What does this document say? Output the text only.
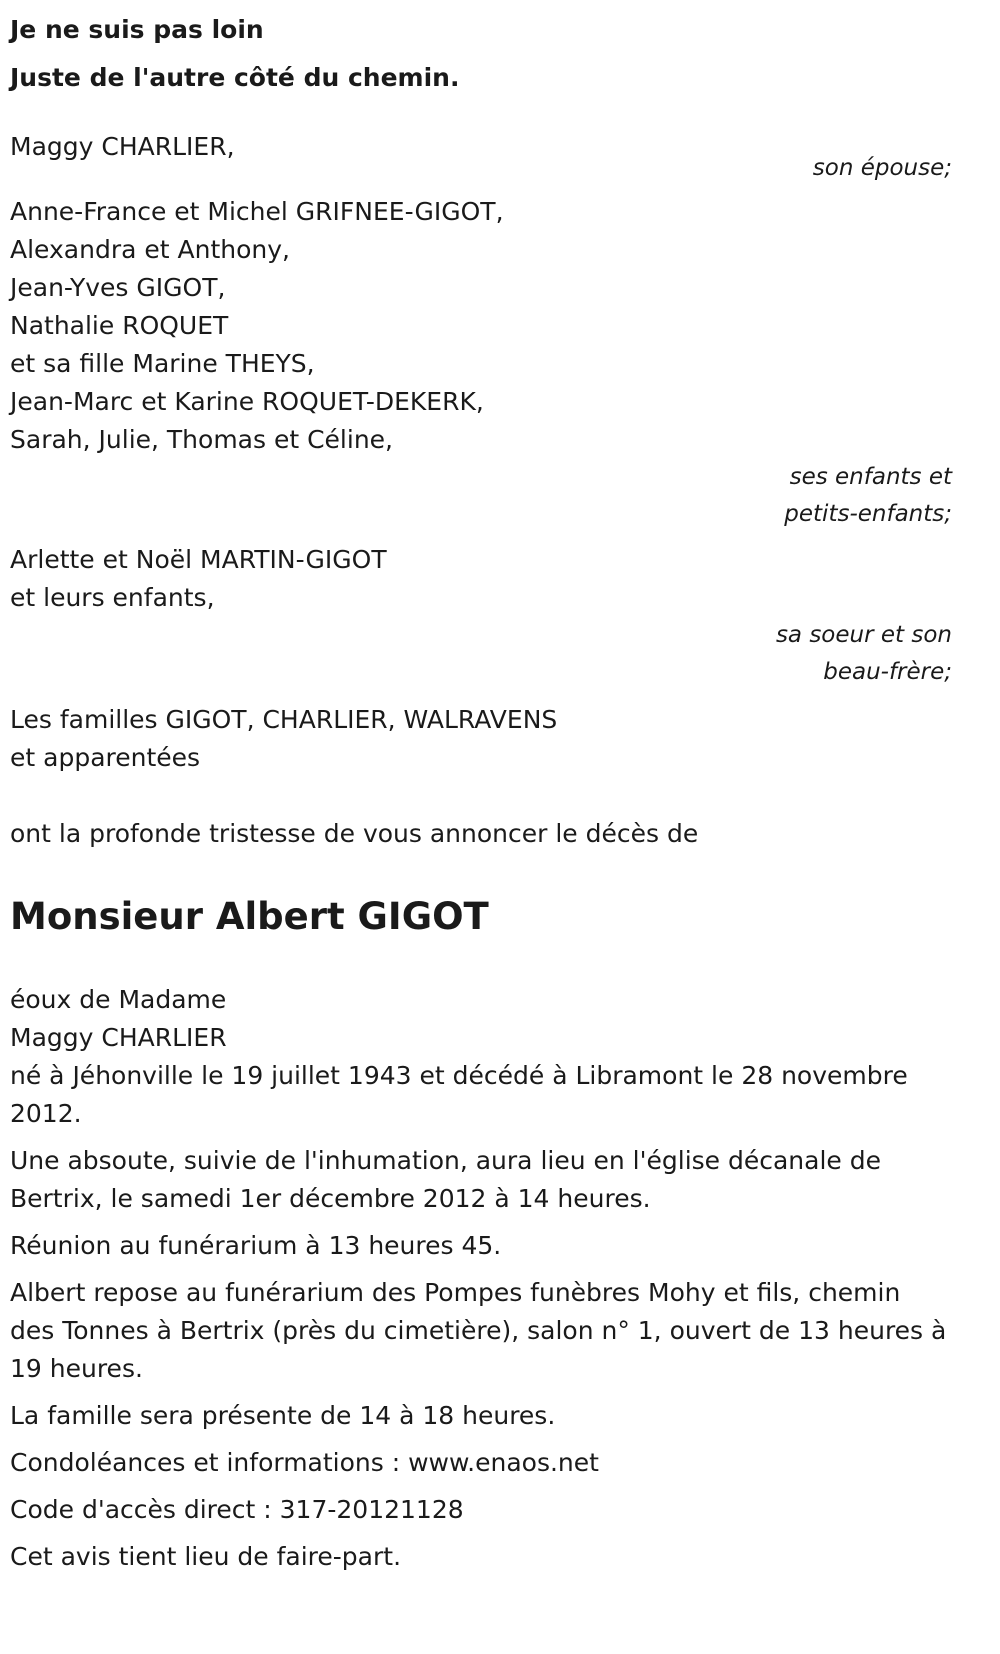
Je ne suis pas loin

Juste de l'autre côté du chemin.

Maggy CHARLIER,

son épouse;

Anne-France et Michel GRIFNEE-GIGOT,
Alexandra et Anthony,
Jean-Yves GIGOT,
Nathalie ROQUET
et sa fille Marine THEYS,
Jean-Marc et Karine ROQUET-DEKERK,
Sarah, Julie, Thomas et Céline,

ses enfants et

petits-enfants;

Arlette et Noël MARTIN-GIGOT
et leurs enfants,

sa soeur et son

beau-frère;

Les familles GIGOT, CHARLIER, WALRAVENS
et apparentées

ont la profonde tristesse de vous annoncer le décès de

Monsieur Albert GIGOT
éoux de Madame
Maggy CHARLIER

né à Jéhonville le 19 juillet 1943 et décédé à Libramont le 28 novembre 2012.

Une absoute, suivie de l'inhumation, aura lieu en l'église décanale de Bertrix, le samedi 1er décembre 2012 à 14 heures.

Réunion au funérarium à 13 heures 45.

Albert repose au funérarium des Pompes funèbres Mohy et fils, chemin des Tonnes à Bertrix (près du cimetière), salon n° 1, ouvert de 13 heures à 19 heures.

La famille sera présente de 14 à 18 heures.

Condoléances et informations : www.enaos.net

Code d'accès direct : 317-20121128

Cet avis tient lieu de faire-part.
